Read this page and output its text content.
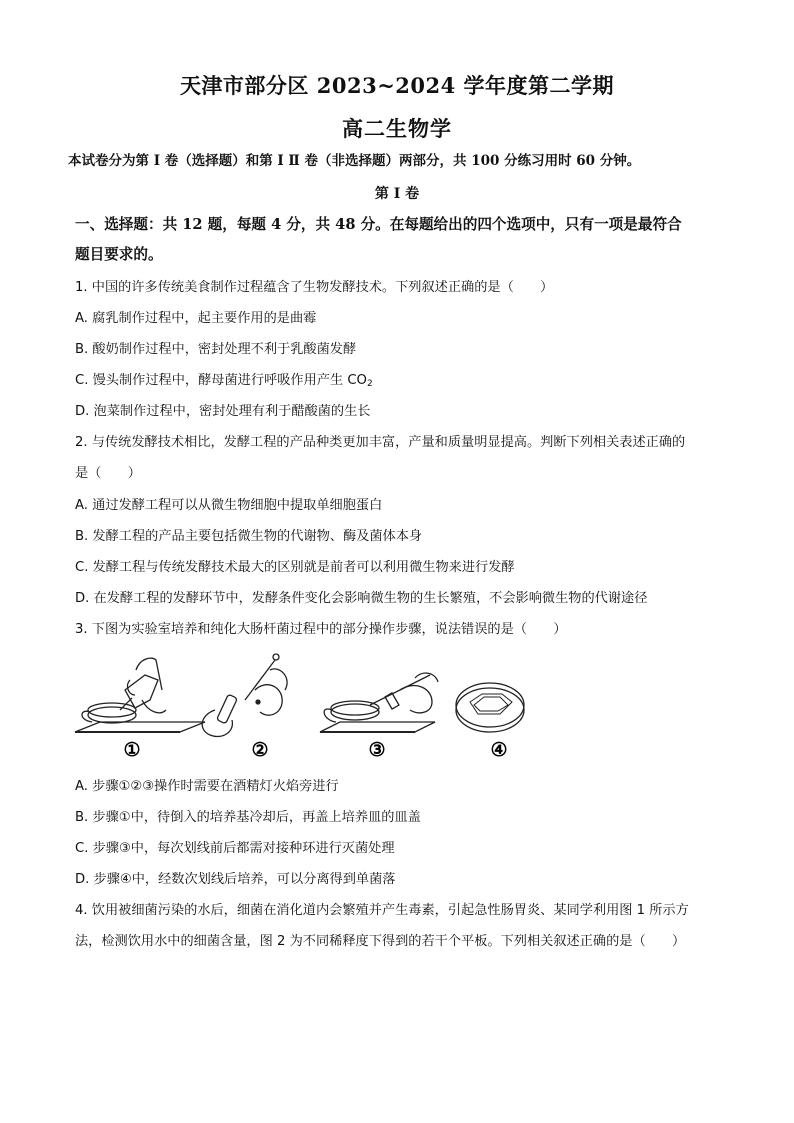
天津市部分区 2023~2024 学年度第二学期
高二生物学
本试卷分为第 I 卷（选择题）和第 I Ⅱ 卷（非选择题）两部分，共 100 分练习用时 60 分钟。
第 I 卷
一、选择题：共 12 题，每题 4 分，共 48 分。在每题给出的四个选项中，只有一项是最符合
题目要求的。
1. 中国的许多传统美食制作过程蕴含了生物发酵技术。下列叙述正确的是（　　）
A. 腐乳制作过程中，起主要作用的是曲霉
B. 酸奶制作过程中，密封处理不利于乳酸菌发酵
C. 馒头制作过程中，酵母菌进行呼吸作用产生 $CO_2$
D. 泡菜制作过程中，密封处理有利于醋酸菌的生长
2. 与传统发酵技术相比，发酵工程的产品种类更加丰富，产量和质量明显提高。判断下列相关表述正确的
是（　　）
A. 通过发酵工程可以从微生物细胞中提取单细胞蛋白
B. 发酵工程的产品主要包括微生物的代谢物、酶及菌体本身
C. 发酵工程与传统发酵技术最大的区别就是前者可以利用微生物来进行发酵
D. 在发酵工程的发酵环节中，发酵条件变化会影响微生物的生长繁殖，不会影响微生物的代谢途径
3. 下图为实验室培养和纯化大肠杆菌过程中的部分操作步骤，说法错误的是（　　）
①	②	③	④
A. 步骤①②③操作时需要在酒精灯火焰旁进行
B. 步骤①中，待倒入的培养基冷却后，再盖上培养皿的皿盖
C. 步骤③中，每次划线前后都需对接种环进行灭菌处理
D. 步骤④中，经数次划线后培养，可以分离得到单菌落
4. 饮用被细菌污染的水后，细菌在消化道内会繁殖并产生毒素，引起急性肠胃炎、某同学利用图 1 所示方
法，检测饮用水中的细菌含量，图 2 为不同稀释度下得到的若干个平板。下列相关叙述正确的是（　　）
